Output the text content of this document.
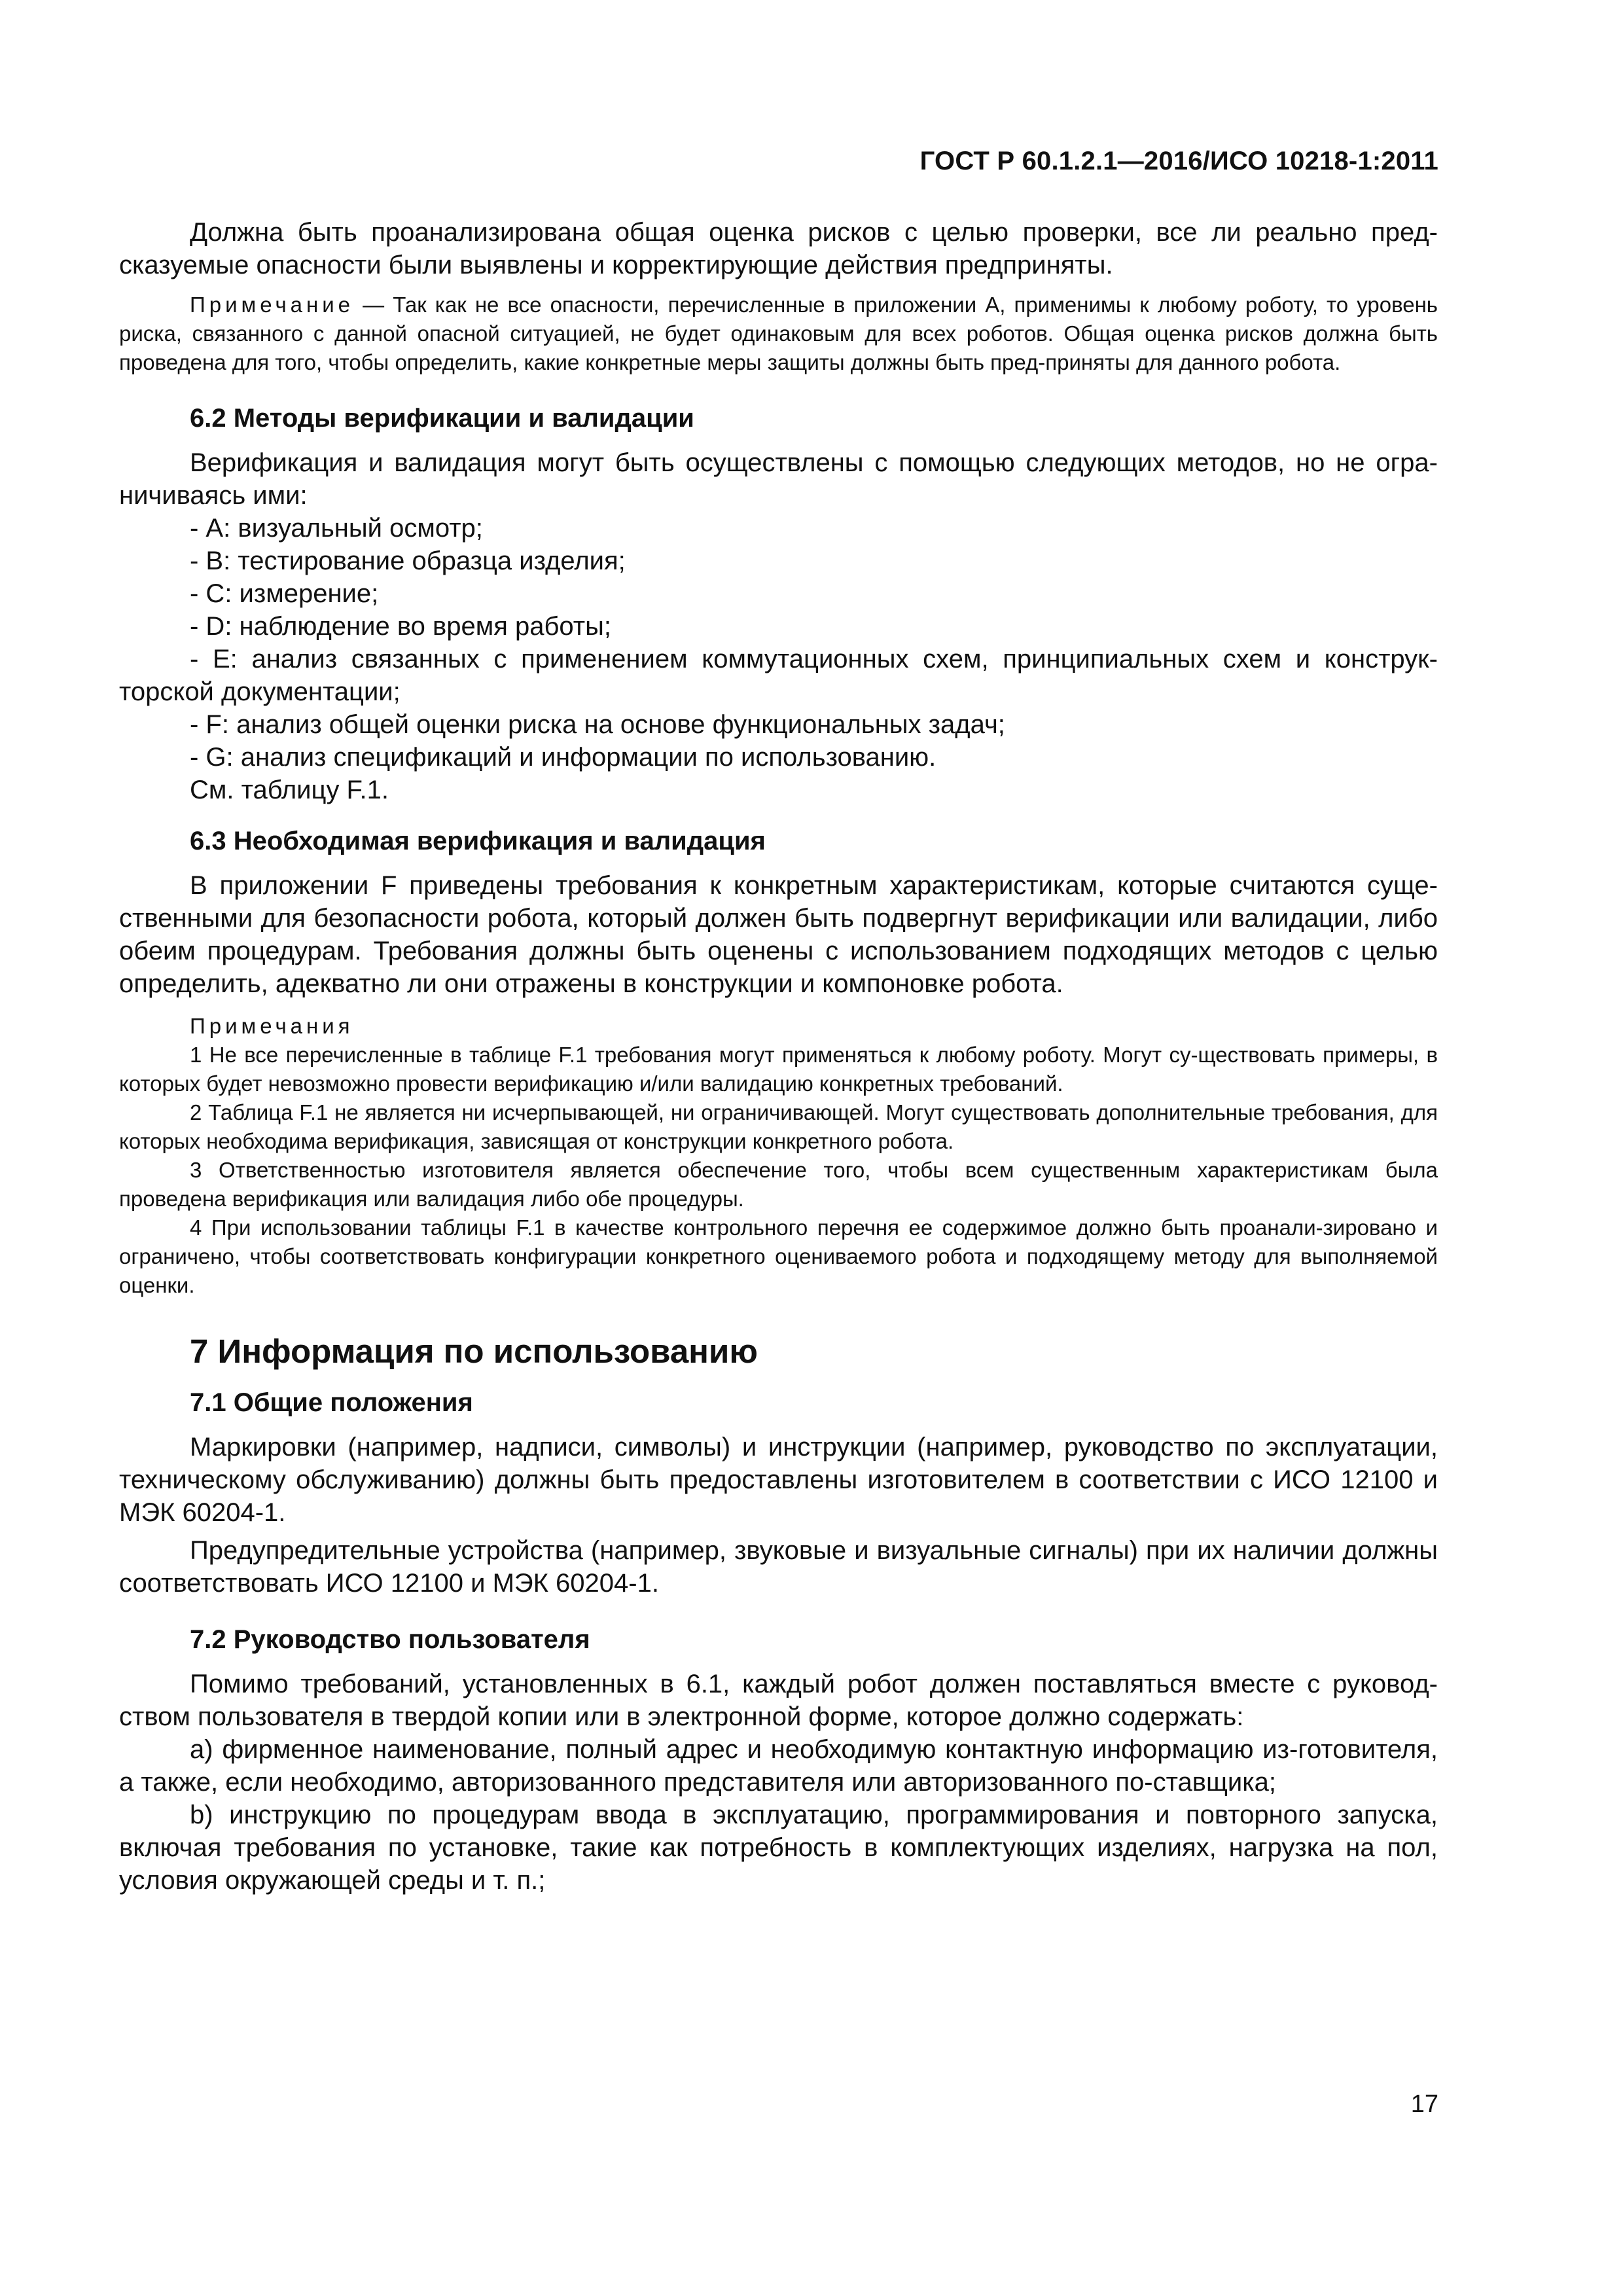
ГОСТ Р 60.1.2.1—2016/ИСО 10218-1:2011

Должна быть проанализирована общая оценка рисков с целью проверки, все ли реально пред-сказуемые опасности были выявлены и корректирующие действия предприняты.

Примечание — Так как не все опасности, перечисленные в приложении А, применимы к любому роботу, то уровень риска, связанного с данной опасной ситуацией, не будет одинаковым для всех роботов. Общая оценка рисков должна быть проведена для того, чтобы определить, какие конкретные меры защиты должны быть пред-приняты для данного робота.

6.2 Методы верификации и валидации

Верификация и валидация могут быть осуществлены с помощью следующих методов, но не огра-ничиваясь ими:

- А: визуальный осмотр;

- В: тестирование образца изделия;

- С: измерение;

- D: наблюдение во время работы;

- Е: анализ связанных с применением коммутационных схем, принципиальных схем и конструк-торской документации;

- F: анализ общей оценки риска на основе функциональных задач;

- G: анализ спецификаций и информации по использованию.

См. таблицу F.1.

6.3 Необходимая верификация и валидация

В приложении F приведены требования к конкретным характеристикам, которые считаются суще-ственными для безопасности робота, который должен быть подвергнут верификации или валидации, либо обеим процедурам. Требования должны быть оценены с использованием подходящих методов с целью определить, адекватно ли они отражены в конструкции и компоновке робота.

Примечания

1 Не все перечисленные в таблице F.1 требования могут применяться к любому роботу. Могут су-ществовать примеры, в которых будет невозможно провести верификацию и/или валидацию конкретных требований.

2 Таблица F.1 не является ни исчерпывающей, ни ограничивающей. Могут существовать дополнительные требования, для которых необходима верификация, зависящая от конструкции конкретного робота.

3 Ответственностью изготовителя является обеспечение того, чтобы всем существенным характеристикам была проведена верификация или валидация либо обе процедуры.

4 При использовании таблицы F.1 в качестве контрольного перечня ее содержимое должно быть проанали-зировано и ограничено, чтобы соответствовать конфигурации конкретного оцениваемого робота и подходящему методу для выполняемой оценки.

7 Информация по использованию

7.1 Общие положения

Маркировки (например, надписи, символы) и инструкции (например, руководство по эксплуатации, техническому обслуживанию) должны быть предоставлены изготовителем в соответствии с ИСО 12100 и МЭК 60204-1.

Предупредительные устройства (например, звуковые и визуальные сигналы) при их наличии должны соответствовать ИСО 12100 и МЭК 60204-1.

7.2 Руководство пользователя

Помимо требований, установленных в 6.1, каждый робот должен поставляться вместе с руковод-ством пользователя в твердой копии или в электронной форме, которое должно содержать:

а) фирменное наименование, полный адрес и необходимую контактную информацию из-готовителя, а также, если необходимо, авторизованного представителя или авторизованного по-ставщика;

b) инструкцию по процедурам ввода в эксплуатацию, программирования и повторного запуска, включая требования по установке, такие как потребность в комплектующих изделиях, нагрузка на пол, условия окружающей среды и т. п.;

17
